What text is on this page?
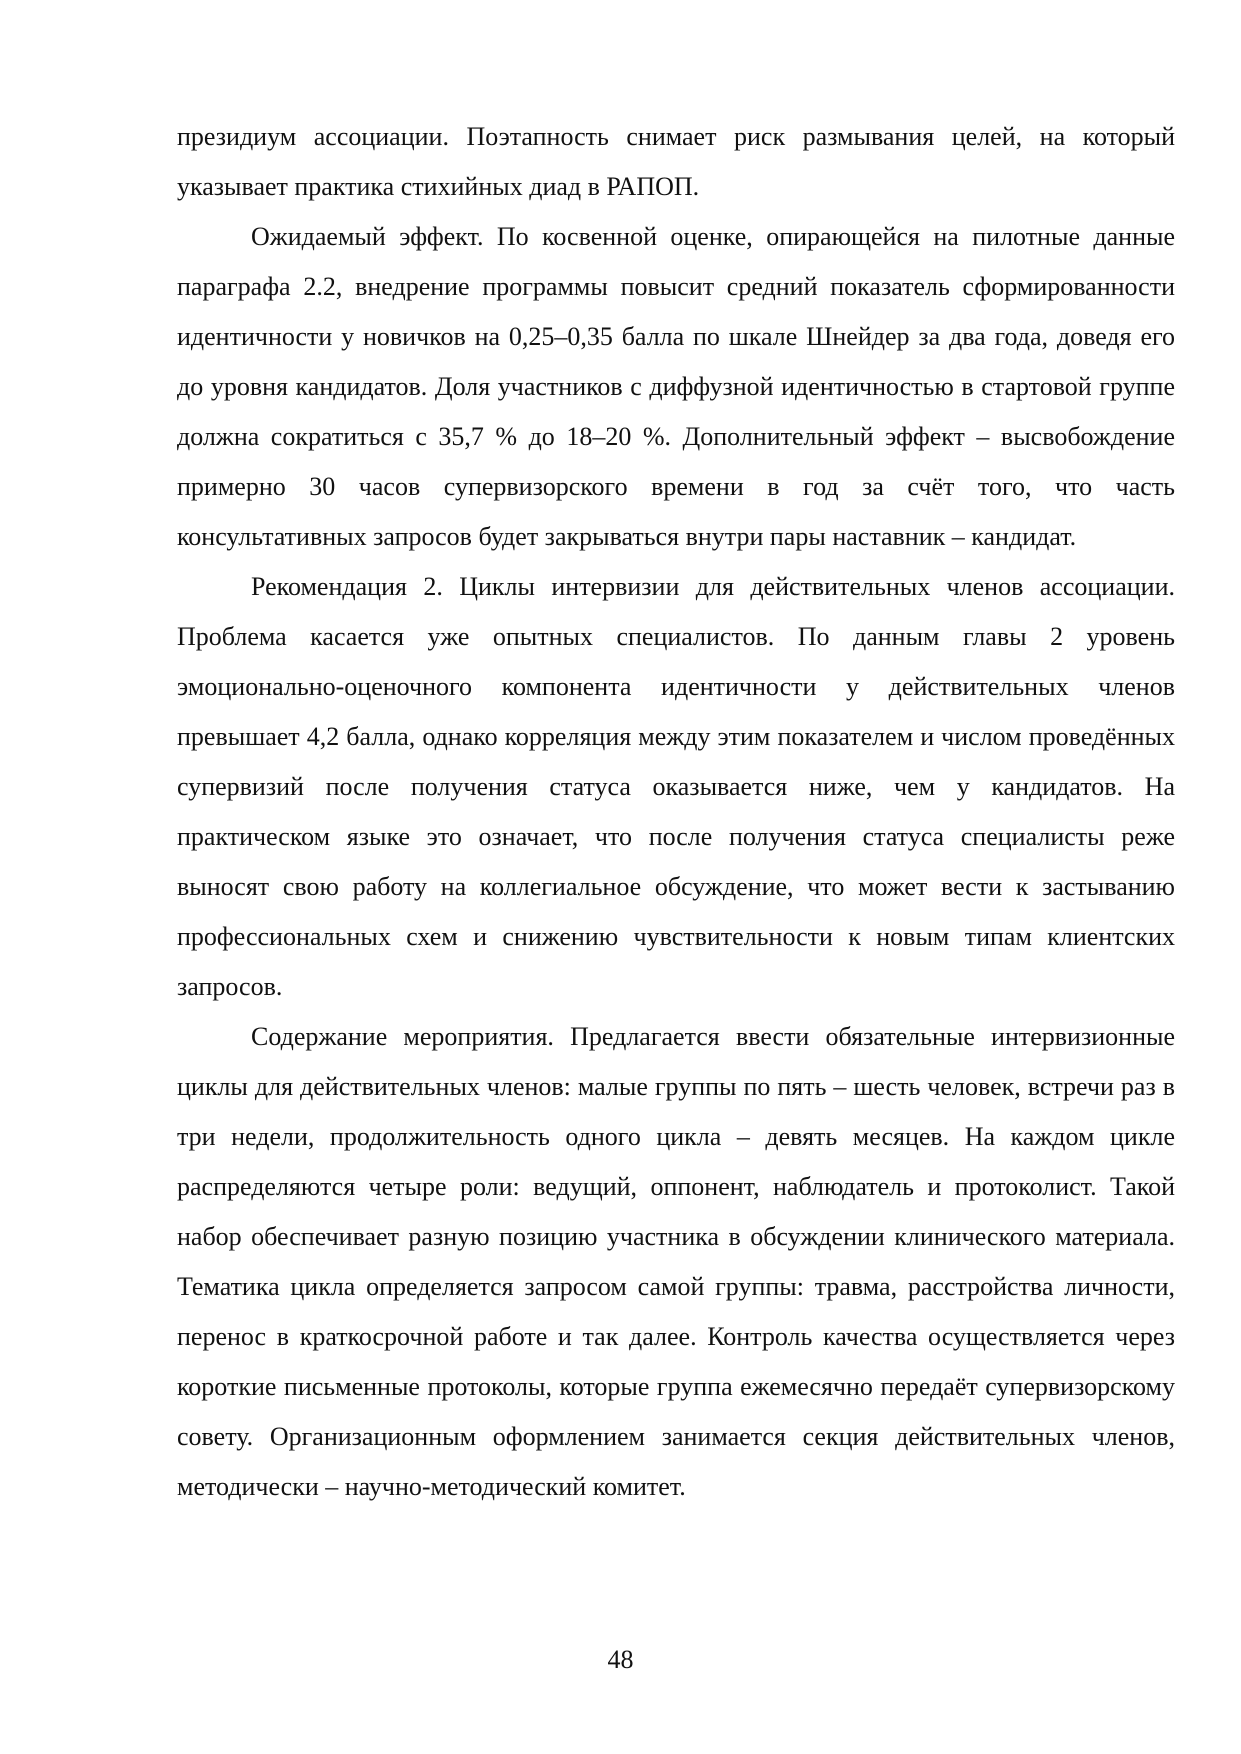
президиум ассоциации. Поэтапность снимает риск размывания целей, на который указывает практика стихийных диад в РАПОП.

Ожидаемый эффект. По косвенной оценке, опирающейся на пилотные данные параграфа 2.2, внедрение программы повысит средний показатель сформированности идентичности у новичков на 0,25–0,35 балла по шкале Шнейдер за два года, доведя его до уровня кандидатов. Доля участников с диффузной идентичностью в стартовой группе должна сократиться с 35,7 % до 18–20 %. Дополнительный эффект – высвобождение примерно 30 часов супервизорского времени в год за счёт того, что часть консультативных запросов будет закрываться внутри пары наставник – кандидат.

Рекомендация 2. Циклы интервизии для действительных членов ассоциации. Проблема касается уже опытных специалистов. По данным главы 2 уровень эмоционально-оценочного компонента идентичности у действительных членов превышает 4,2 балла, однако корреляция между этим показателем и числом проведённых супервизий после получения статуса оказывается ниже, чем у кандидатов. На практическом языке это означает, что после получения статуса специалисты реже выносят свою работу на коллегиальное обсуждение, что может вести к застыванию профессиональных схем и снижению чувствительности к новым типам клиентских запросов.

Содержание мероприятия. Предлагается ввести обязательные интервизионные циклы для действительных членов: малые группы по пять – шесть человек, встречи раз в три недели, продолжительность одного цикла – девять месяцев. На каждом цикле распределяются четыре роли: ведущий, оппонент, наблюдатель и протоколист. Такой набор обеспечивает разную позицию участника в обсуждении клинического материала. Тематика цикла определяется запросом самой группы: травма, расстройства личности, перенос в краткосрочной работе и так далее. Контроль качества осуществляется через короткие письменные протоколы, которые группа ежемесячно передаёт супервизорскому совету. Организационным оформлением занимается секция действительных членов, методически – научно-методический комитет.

48
